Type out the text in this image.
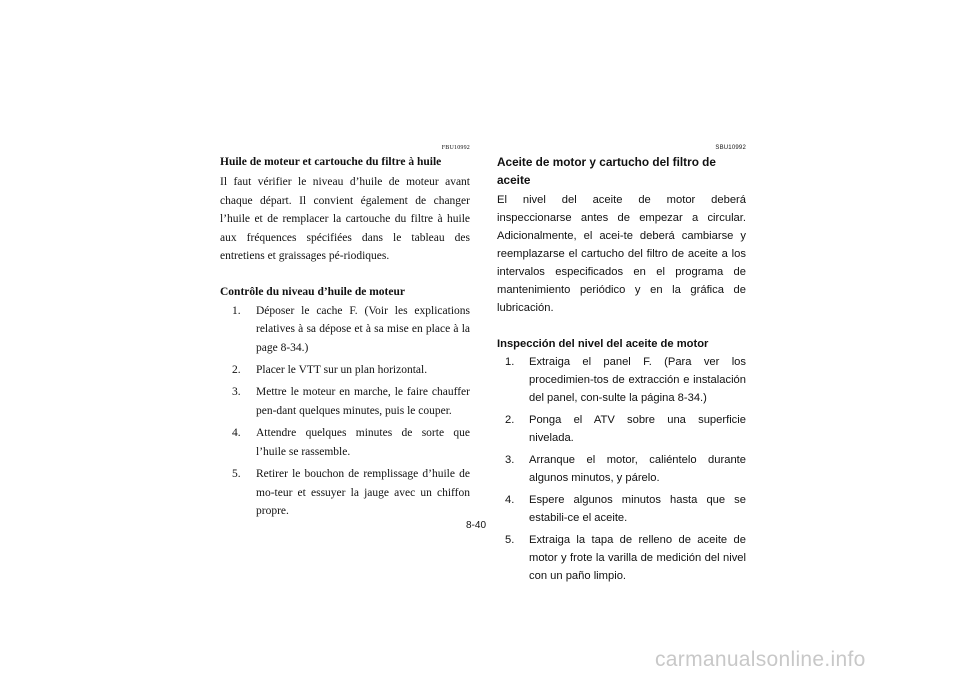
FBU10992

Huile de moteur et cartouche du filtre à huile

Il faut vérifier le niveau d’huile de moteur avant chaque départ. Il convient également de changer l’huile et de remplacer la cartouche du filtre à huile aux fréquences spécifiées dans le tableau des entretiens et graissages pé-riodiques.

Contrôle du niveau d’huile de moteur

1. Déposer le cache F. (Voir les explications relatives à sa dépose et à sa mise en place à la page 8-34.)
2. Placer le VTT sur un plan horizontal.
3. Mettre le moteur en marche, le faire chauffer pen-dant quelques minutes, puis le couper.
4. Attendre quelques minutes de sorte que l’huile se rassemble.
5. Retirer le bouchon de remplissage d’huile de mo-teur et essuyer la jauge avec un chiffon propre.
SBU10992

Aceite de motor y cartucho del filtro de aceite

El nivel del aceite de motor deberá inspeccionarse antes de empezar a circular. Adicionalmente, el acei-te deberá cambiarse y reemplazarse el cartucho del filtro de aceite a los intervalos especificados en el programa de mantenimiento periódico y en la gráfica de lubricación.

Inspección del nivel del aceite de motor

1. Extraiga el panel F. (Para ver los procedimien-tos de extracción e instalación del panel, con-sulte la página 8-34.)
2. Ponga el ATV sobre una superficie nivelada.
3. Arranque el motor, caliéntelo durante algunos minutos, y párelo.
4. Espere algunos minutos hasta que se estabili-ce el aceite.
5. Extraiga la tapa de relleno de aceite de motor y frote la varilla de medición del nivel con un paño limpio.
8-40
carmanualsonline.info
